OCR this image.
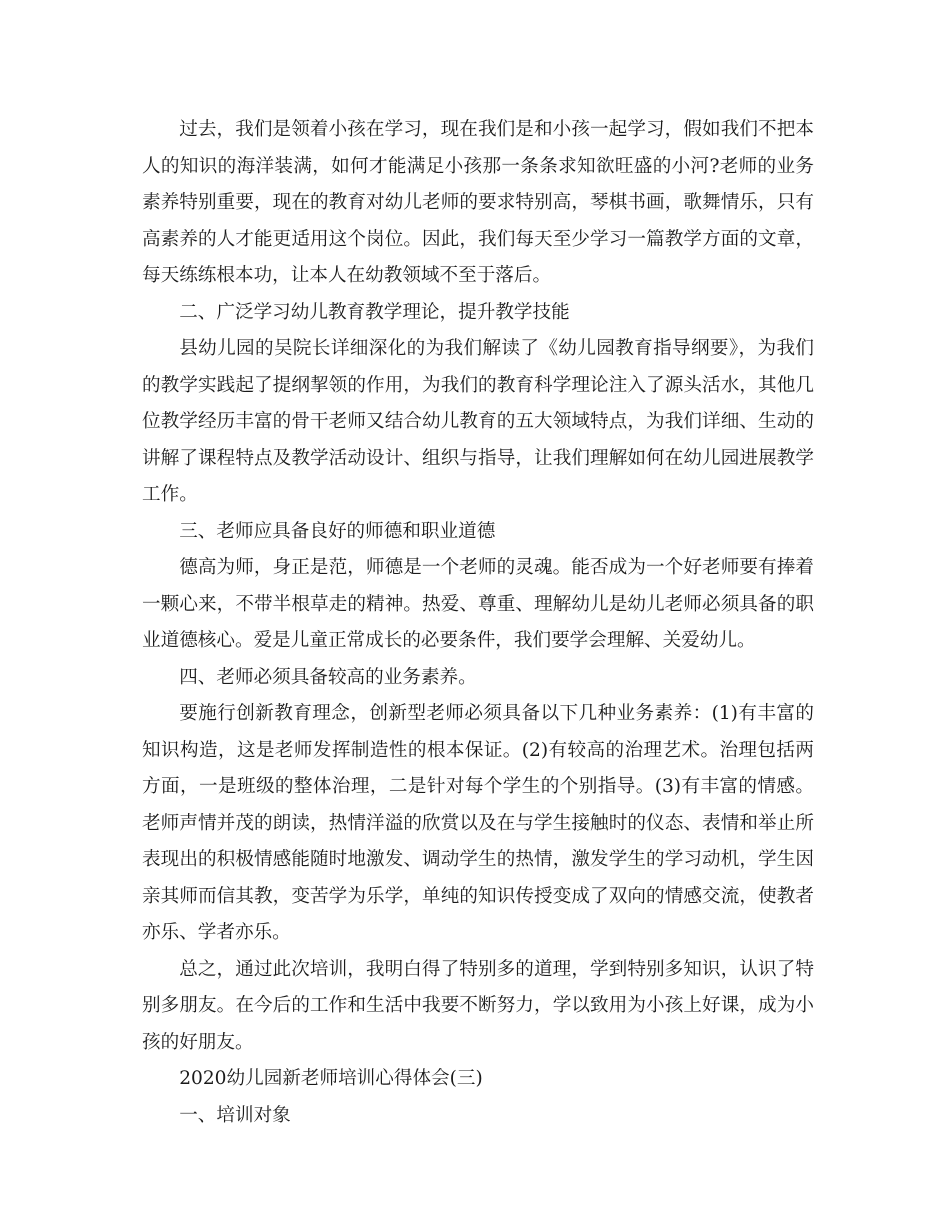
过去，我们是领着小孩在学习，现在我们是和小孩一起学习，假如我们不把本人的知识的海洋装满，如何才能满足小孩那一条条求知欲旺盛的小河?老师的业务素养特别重要，现在的教育对幼儿老师的要求特别高，琴棋书画，歌舞情乐，只有高素养的人才能更适用这个岗位。因此，我们每天至少学习一篇教学方面的文章，每天练练根本功，让本人在幼教领域不至于落后。

二、广泛学习幼儿教育教学理论，提升教学技能

县幼儿园的吴院长详细深化的为我们解读了《幼儿园教育指导纲要》，为我们的教学实践起了提纲挈领的作用，为我们的教育科学理论注入了源头活水，其他几位教学经历丰富的骨干老师又结合幼儿教育的五大领域特点，为我们详细、生动的讲解了课程特点及教学活动设计、组织与指导，让我们理解如何在幼儿园进展教学工作。

三、老师应具备良好的师德和职业道德

德高为师，身正是范，师德是一个老师的灵魂。能否成为一个好老师要有捧着一颗心来，不带半根草走的精神。热爱、尊重、理解幼儿是幼儿老师必须具备的职业道德核心。爱是儿童正常成长的必要条件，我们要学会理解、关爱幼儿。

四、老师必须具备较高的业务素养。

要施行创新教育理念，创新型老师必须具备以下几种业务素养：(1)有丰富的知识构造，这是老师发挥制造性的根本保证。(2)有较高的治理艺术。治理包括两方面，一是班级的整体治理，二是针对每个学生的个别指导。(3)有丰富的情感。老师声情并茂的朗读，热情洋溢的欣赏以及在与学生接触时的仪态、表情和举止所表现出的积极情感能随时地激发、调动学生的热情，激发学生的学习动机，学生因亲其师而信其教，变苦学为乐学，单纯的知识传授变成了双向的情感交流，使教者亦乐、学者亦乐。

总之，通过此次培训，我明白得了特别多的道理，学到特别多知识，认识了特别多朋友。在今后的工作和生活中我要不断努力，学以致用为小孩上好课，成为小孩的好朋友。

2020幼儿园新老师培训心得体会(三)

一、培训对象
